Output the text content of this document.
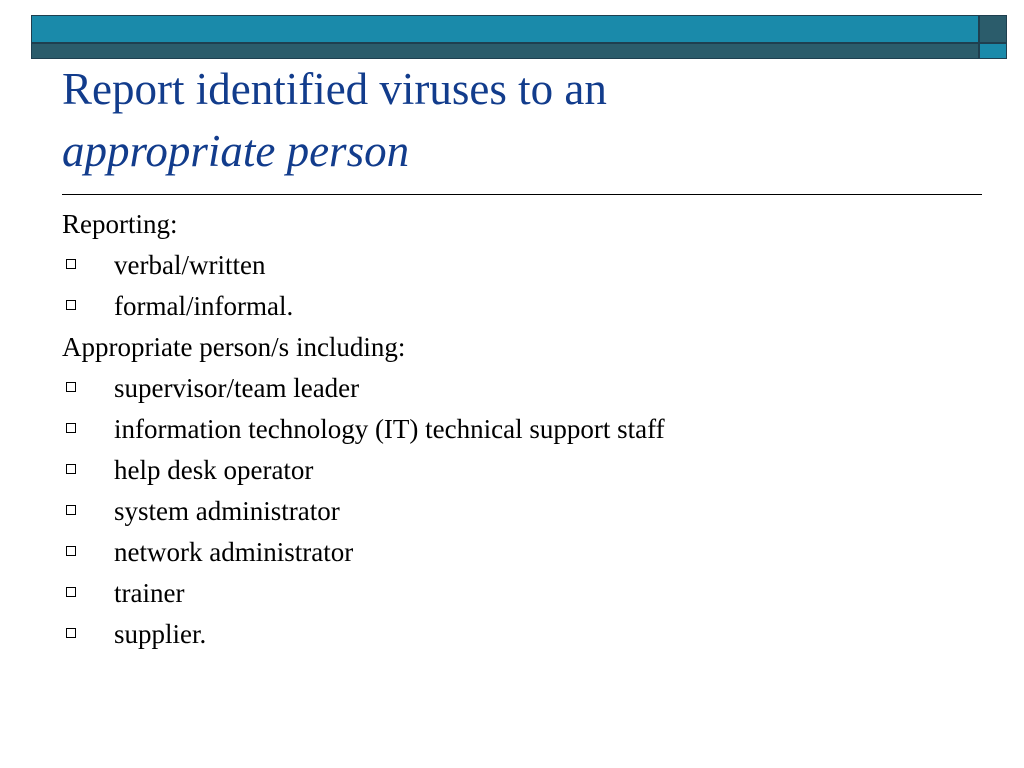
Report identified viruses to an
appropriate person
Reporting:
verbal/written
formal/informal.
Appropriate person/s including:
supervisor/team leader
information technology (IT) technical support staff
help desk operator
system administrator
network administrator
trainer
supplier.
